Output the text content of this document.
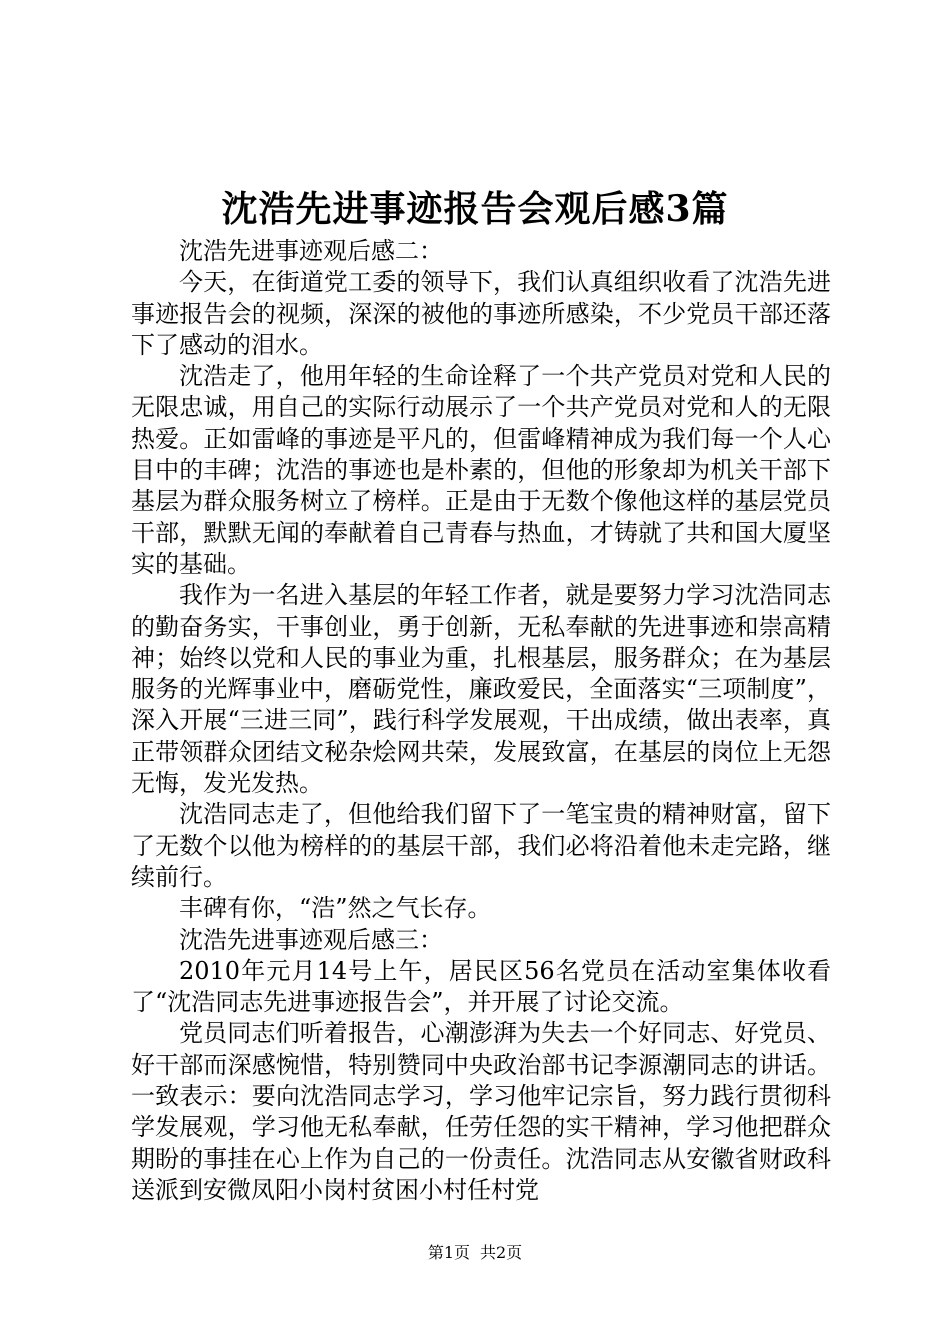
沈浩先进事迹报告会观后感3篇

沈浩先进事迹观后感二：

今天，在街道党工委的领导下，我们认真组织收看了沈浩先进事迹报告会的视频，深深的被他的事迹所感染，不少党员干部还落下了感动的泪水。

沈浩走了，他用年轻的生命诠释了一个共产党员对党和人民的无限忠诚，用自己的实际行动展示了一个共产党员对党和人的无限热爱。正如雷峰的事迹是平凡的，但雷峰精神成为我们每一个人心目中的丰碑；沈浩的事迹也是朴素的，但他的形象却为机关干部下基层为群众服务树立了榜样。正是由于无数个像他这样的基层党员干部，默默无闻的奉献着自己青春与热血，才铸就了共和国大厦坚实的基础。

我作为一名进入基层的年轻工作者，就是要努力学习沈浩同志的勤奋务实，干事创业，勇于创新，无私奉献的先进事迹和崇高精神；始终以党和人民的事业为重，扎根基层，服务群众；在为基层服务的光辉事业中，磨砺党性，廉政爱民，全面落实“三项制度”，深入开展“三进三同”，践行科学发展观，干出成绩，做出表率，真正带领群众团结文秘杂烩网共荣，发展致富，在基层的岗位上无怨无悔，发光发热。

沈浩同志走了，但他给我们留下了一笔宝贵的精神财富，留下了无数个以他为榜样的的基层干部，我们必将沿着他未走完路，继续前行。

丰碑有你，“浩”然之气长存。

沈浩先进事迹观后感三：

2010年元月14号上午，居民区56名党员在活动室集体收看了“沈浩同志先进事迹报告会”，并开展了讨论交流。

党员同志们听着报告，心潮澎湃为失去一个好同志、好党员、好干部而深感惋惜，特别赞同中央政治部书记李源潮同志的讲话。一致表示：要向沈浩同志学习，学习他牢记宗旨，努力践行贯彻科学发展观，学习他无私奉献，任劳任怨的实干精神，学习他把群众期盼的事挂在心上作为自己的一份责任。沈浩同志从安徽省财政科送派到安微凤阳小岗村贫困小村任村党

第1页 共2页
